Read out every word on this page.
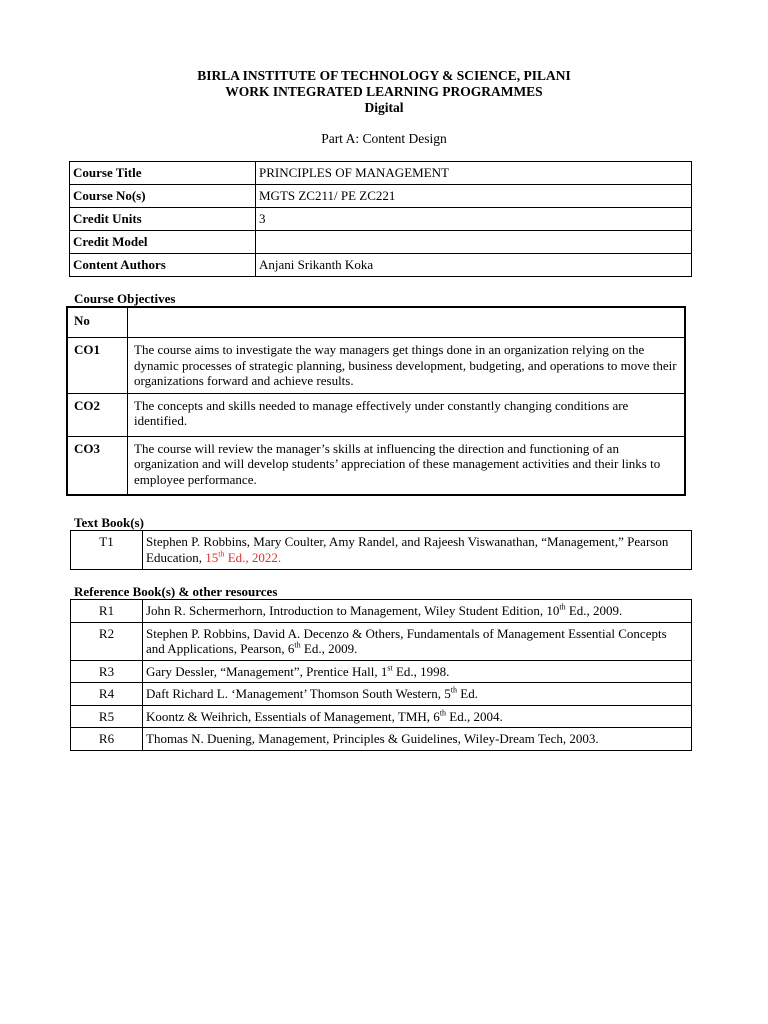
BIRLA INSTITUTE OF TECHNOLOGY & SCIENCE, PILANI
WORK INTEGRATED LEARNING PROGRAMMES
Digital
Part A: Content Design
Course Title	PRINCIPLES OF MANAGEMENT
Course No(s)	MGTS ZC211/ PE ZC221
Credit Units	3
Credit Model	
Content Authors	Anjani Srikanth Koka
Course Objectives
No	
CO1	The course aims to investigate the way managers get things done in an organization relying on the dynamic processes of strategic planning, business development, budgeting, and operations to move their organizations forward and achieve results.
CO2	The concepts and skills needed to manage effectively under constantly changing conditions are identified.
CO3	The course will review the manager’s skills at influencing the direction and functioning of an organization and will develop students’ appreciation of these management activities and their links to employee performance.
Text Book(s)
T1	Stephen P. Robbins, Mary Coulter, Amy Randel, and Rajeesh Viswanathan, “Management,” Pearson Education, 15th Ed., 2022.
Reference Book(s) & other resources
R1	John R. Schermerhorn, Introduction to Management, Wiley Student Edition, 10th Ed., 2009.
R2	Stephen P. Robbins, David A. Decenzo & Others, Fundamentals of Management Essential Concepts and Applications, Pearson, 6th Ed., 2009.
R3	Gary Dessler, “Management”, Prentice Hall, 1st Ed., 1998.
R4	Daft Richard L. ‘Management’ Thomson South Western, 5th Ed.
R5	Koontz & Weihrich, Essentials of Management, TMH, 6th Ed., 2004.
R6	Thomas N. Duening, Management, Principles & Guidelines, Wiley-Dream Tech, 2003.
